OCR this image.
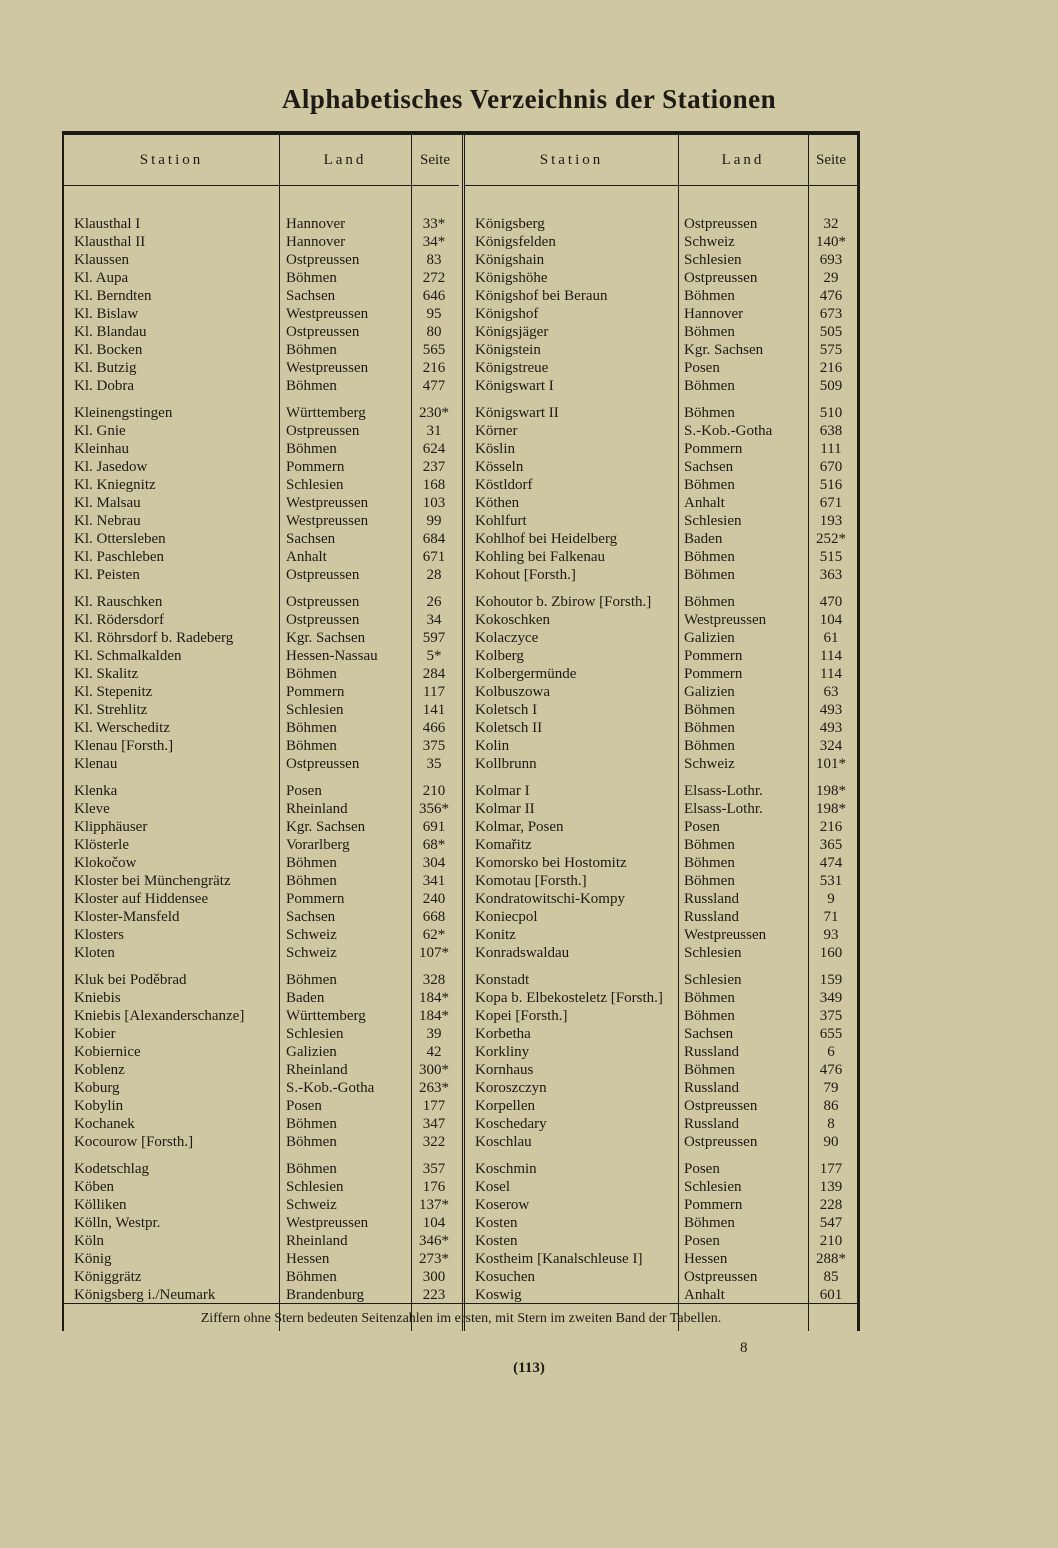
Alphabetisches Verzeichnis der Stationen
Station	Land	Seite
Klausthal I	Hannover	33*
Klausthal II	Hannover	34*
Klaussen	Ostpreussen	83
Kl. Aupa	Böhmen	272
Kl. Berndten	Sachsen	646
Kl. Bislaw	Westpreussen	95
Kl. Blandau	Ostpreussen	80
Kl. Bocken	Böhmen	565
Kl. Butzig	Westpreussen	216
Kl. Dobra	Böhmen	477
Kleinengstingen	Württemberg	230*
Kl. Gnie	Ostpreussen	31
Kleinhau	Böhmen	624
Kl. Jasedow	Pommern	237
Kl. Kniegnitz	Schlesien	168
Kl. Malsau	Westpreussen	103
Kl. Nebrau	Westpreussen	99
Kl. Ottersleben	Sachsen	684
Kl. Paschleben	Anhalt	671
Kl. Peisten	Ostpreussen	28
Kl. Rauschken	Ostpreussen	26
Kl. Rödersdorf	Ostpreussen	34
Kl. Röhrsdorf b. Radeberg	Kgr. Sachsen	597
Kl. Schmalkalden	Hessen-Nassau	5*
Kl. Skalitz	Böhmen	284
Kl. Stepenitz	Pommern	117
Kl. Strehlitz	Schlesien	141
Kl. Werscheditz	Böhmen	466
Klenau [Forsth.]	Böhmen	375
Klenau	Ostpreussen	35
Klenka	Posen	210
Kleve	Rheinland	356*
Klipphäuser	Kgr. Sachsen	691
Klösterle	Vorarlberg	68*
Klokočow	Böhmen	304
Kloster bei Münchengrätz	Böhmen	341
Kloster auf Hiddensee	Pommern	240
Kloster-Mansfeld	Sachsen	668
Klosters	Schweiz	62*
Kloten	Schweiz	107*
Kluk bei Poděbrad	Böhmen	328
Kniebis	Baden	184*
Kniebis [Alexanderschanze]	Württemberg	184*
Kobier	Schlesien	39
Kobiernice	Galizien	42
Koblenz	Rheinland	300*
Koburg	S.-Kob.-Gotha	263*
Kobylin	Posen	177
Kochanek	Böhmen	347
Kocourow [Forsth.]	Böhmen	322
Kodetschlag	Böhmen	357
Köben	Schlesien	176
Kölliken	Schweiz	137*
Kölln, Westpr.	Westpreussen	104
Köln	Rheinland	346*
König	Hessen	273*
Königgrätz	Böhmen	300
Königsberg i./Neumark	Brandenburg	223
Station	Land	Seite
Königsberg	Ostpreussen	32
Königsfelden	Schweiz	140*
Königshain	Schlesien	693
Königshöhe	Ostpreussen	29
Königshof bei Beraun	Böhmen	476
Königshof	Hannover	673
Königsjäger	Böhmen	505
Königstein	Kgr. Sachsen	575
Königstreue	Posen	216
Königswart I	Böhmen	509
Königswart II	Böhmen	510
Körner	S.-Kob.-Gotha	638
Köslin	Pommern	111
Kösseln	Sachsen	670
Köstldorf	Böhmen	516
Köthen	Anhalt	671
Kohlfurt	Schlesien	193
Kohlhof bei Heidelberg	Baden	252*
Kohling bei Falkenau	Böhmen	515
Kohout [Forsth.]	Böhmen	363
Kohoutor b. Zbirow [Forsth.]	Böhmen	470
Kokoschken	Westpreussen	104
Kolaczyce	Galizien	61
Kolberg	Pommern	114
Kolbergermünde	Pommern	114
Kolbuszowa	Galizien	63
Koletsch I	Böhmen	493
Koletsch II	Böhmen	493
Kolin	Böhmen	324
Kollbrunn	Schweiz	101*
Kolmar I	Elsass-Lothr.	198*
Kolmar II	Elsass-Lothr.	198*
Kolmar, Posen	Posen	216
Komařitz	Böhmen	365
Komorsko bei Hostomitz	Böhmen	474
Komotau [Forsth.]	Böhmen	531
Kondratowitschi-Kompy	Russland	9
Koniecpol	Russland	71
Konitz	Westpreussen	93
Konradswaldau	Schlesien	160
Konstadt	Schlesien	159
Kopa b. Elbekosteletz [Forsth.]	Böhmen	349
Kopei [Forsth.]	Böhmen	375
Korbetha	Sachsen	655
Korkliny	Russland	6
Kornhaus	Böhmen	476
Koroszczyn	Russland	79
Korpellen	Ostpreussen	86
Koschedary	Russland	8
Koschlau	Ostpreussen	90
Koschmin	Posen	177
Kosel	Schlesien	139
Koserow	Pommern	228
Kosten	Böhmen	547
Kosten	Posen	210
Kostheim [Kanalschleuse I]	Hessen	288*
Kosuchen	Ostpreussen	85
Koswig	Anhalt	601
Ziffern ohne Stern bedeuten Seitenzahlen im ersten, mit Stern im zweiten Band der Tabellen.
8
(113)
